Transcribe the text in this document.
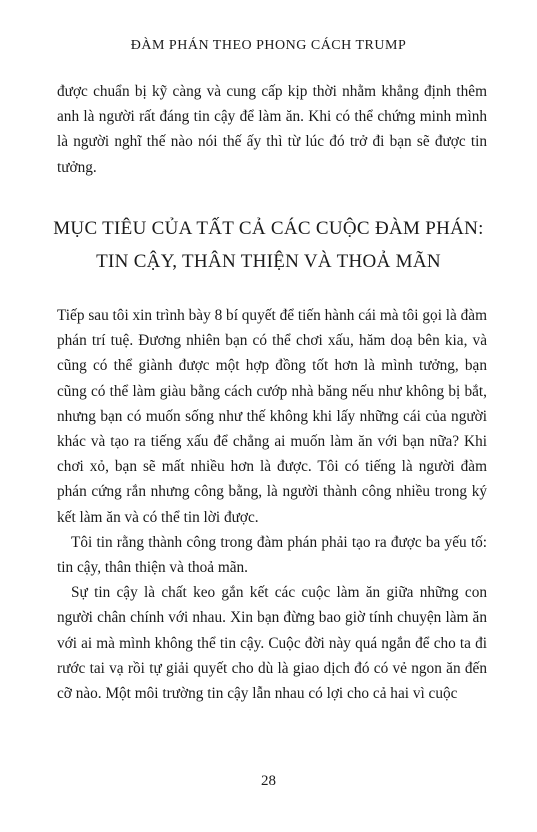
ĐÀM PHÁN THEO PHONG CÁCH TRUMP

được chuẩn bị kỹ càng và cung cấp kịp thời nhằm khẳng định thêm anh là người rất đáng tin cậy để làm ăn. Khi có thể chứng minh mình là người nghĩ thế nào nói thế ấy thì từ lúc đó trở đi bạn sẽ được tin tưởng.

MỤC TIÊU CỦA TẤT CẢ CÁC CUỘC ĐÀM PHÁN:
TIN CẬY, THÂN THIỆN VÀ THOẢ MÃN

Tiếp sau tôi xin trình bày 8 bí quyết để tiến hành cái mà tôi gọi là đàm phán trí tuệ. Đương nhiên bạn có thể chơi xấu, hăm doạ bên kia, và cũng có thể giành được một hợp đồng tốt hơn là mình tưởng, bạn cũng có thể làm giàu bằng cách cướp nhà băng nếu như không bị bắt, nhưng bạn có muốn sống như thế không khi lấy những cái của người khác và tạo ra tiếng xấu để chẳng ai muốn làm ăn với bạn nữa? Khi chơi xỏ, bạn sẽ mất nhiều hơn là được. Tôi có tiếng là người đàm phán cứng rắn nhưng công bằng, là người thành công nhiều trong ký kết làm ăn và có thể tin lời được.

Tôi tin rằng thành công trong đàm phán phải tạo ra được ba yếu tố: tin cậy, thân thiện và thoả mãn.

Sự tin cậy là chất keo gắn kết các cuộc làm ăn giữa những con người chân chính với nhau. Xin bạn đừng bao giờ tính chuyện làm ăn với ai mà mình không thể tin cậy. Cuộc đời này quá ngắn để cho ta đi rước tai vạ rồi tự giải quyết cho dù là giao dịch đó có vẻ ngon ăn đến cỡ nào. Một môi trường tin cậy lẫn nhau có lợi cho cả hai vì cuộc

28
